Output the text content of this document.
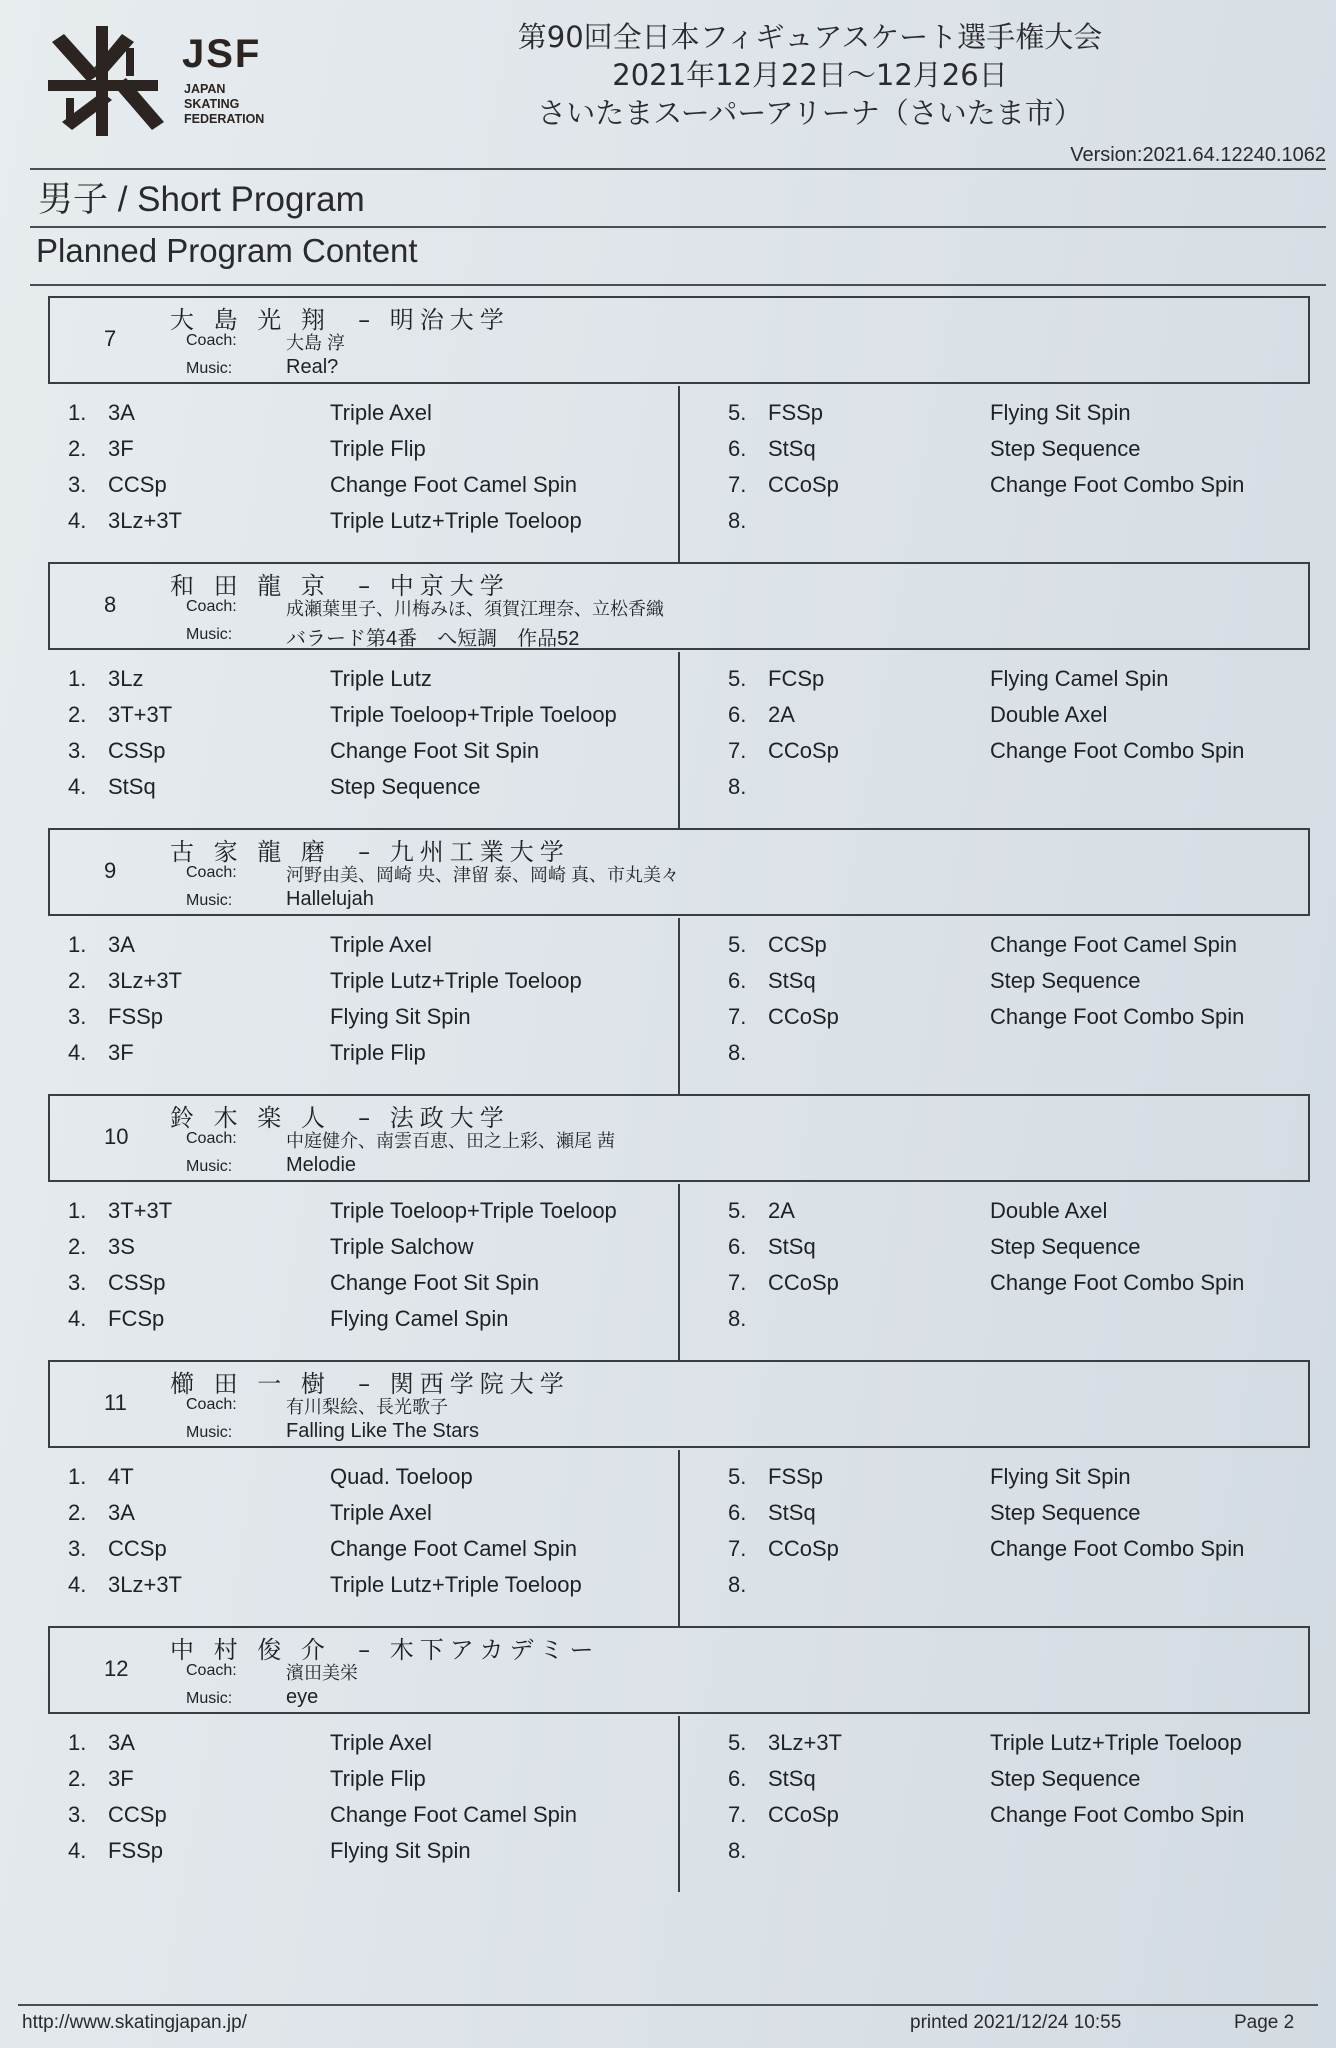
JSF
JAPAN
SKATING
FEDERATION
第90回全日本フィギュアスケート選手権大会
2021年12月22日～12月26日
さいたまスーパーアリーナ（さいたま市）
Version:2021.64.12240.1062
男子 / Short Program
Planned Program Content
7
大 島 光 翔 – 明治大学
Coach:	大島 淳
Music:	Real?
1. 3A	Triple Axel
2. 3F	Triple Flip
3. CCSp	Change Foot Camel Spin
4. 3Lz+3T	Triple Lutz+Triple Toeloop
5. FSSp	Flying Sit Spin
6. StSq	Step Sequence
7. CCoSp	Change Foot Combo Spin
8.
8
和 田 龍 京 – 中京大学
Coach:	成瀬葉里子、川梅みほ、須賀江理奈、立松香織
Music:	バラード第4番　へ短調　作品52
1. 3Lz	Triple Lutz
2. 3T+3T	Triple Toeloop+Triple Toeloop
3. CSSp	Change Foot Sit Spin
4. StSq	Step Sequence
5. FCSp	Flying Camel Spin
6. 2A	Double Axel
7. CCoSp	Change Foot Combo Spin
8.
9
古 家 龍 磨 – 九州工業大学
Coach:	河野由美、岡崎 央、津留 泰、岡崎 真、市丸美々
Music:	Hallelujah
1. 3A	Triple Axel
2. 3Lz+3T	Triple Lutz+Triple Toeloop
3. FSSp	Flying Sit Spin
4. 3F	Triple Flip
5. CCSp	Change Foot Camel Spin
6. StSq	Step Sequence
7. CCoSp	Change Foot Combo Spin
8.
10
鈴 木 楽 人 – 法政大学
Coach:	中庭健介、南雲百恵、田之上彩、瀬尾 茜
Music:	Melodie
1. 3T+3T	Triple Toeloop+Triple Toeloop
2. 3S	Triple Salchow
3. CSSp	Change Foot Sit Spin
4. FCSp	Flying Camel Spin
5. 2A	Double Axel
6. StSq	Step Sequence
7. CCoSp	Change Foot Combo Spin
8.
11
櫛 田 一 樹 – 関西学院大学
Coach:	有川梨絵、長光歌子
Music:	Falling Like The Stars
1. 4T	Quad. Toeloop
2. 3A	Triple Axel
3. CCSp	Change Foot Camel Spin
4. 3Lz+3T	Triple Lutz+Triple Toeloop
5. FSSp	Flying Sit Spin
6. StSq	Step Sequence
7. CCoSp	Change Foot Combo Spin
8.
12
中 村 俊 介 – 木下アカデミー
Coach:	濱田美栄
Music:	eye
1. 3A	Triple Axel
2. 3F	Triple Flip
3. CCSp	Change Foot Camel Spin
4. FSSp	Flying Sit Spin
5. 3Lz+3T	Triple Lutz+Triple Toeloop
6. StSq	Step Sequence
7. CCoSp	Change Foot Combo Spin
8.
http://www.skatingjapan.jp/	printed 2021/12/24 10:55	Page 2
